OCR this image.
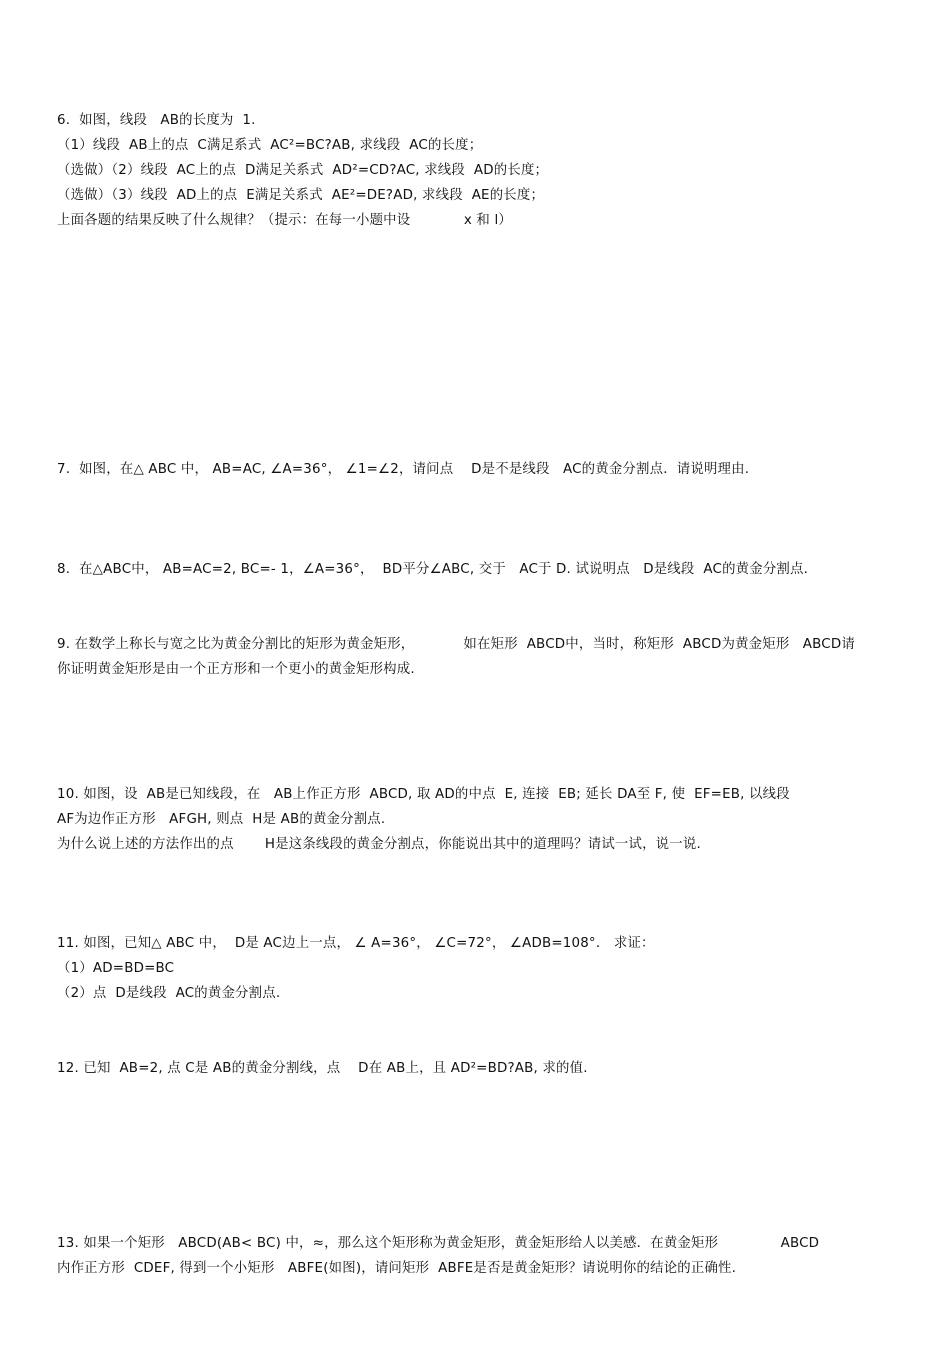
6.  如图，线段   AB的长度为  1.
（1）线段  AB上的点  C满足系式  AC²=BC?AB, 求线段  AC的长度；
（选做）（2）线段  AC上的点  D满足关系式  AD²=CD?AC, 求线段  AD的长度；
（选做）（3）线段  AD上的点  E满足关系式  AE²=DE?AD, 求线段  AE的长度；
上面各题的结果反映了什么规律？（提示：在每一小题中设            x 和 l）
7.  如图，在△ ABC 中， AB=AC, ∠A=36°， ∠1=∠2，请问点    D是不是线段   AC的黄金分割点．请说明理由.
8.  在△ABC中， AB=AC=2, BC=- 1，∠A=36°，  BD平分∠ABC, 交于   AC于 D. 试说明点   D是线段  AC的黄金分割点.
9. 在数学上称长与宽之比为黄金分割比的矩形为黄金矩形，           如在矩形  ABCD中，当时，称矩形  ABCD为黄金矩形   ABCD请
你证明黄金矩形是由一个正方形和一个更小的黄金矩形构成.
10. 如图，设  AB是已知线段，在   AB上作正方形  ABCD, 取 AD的中点  E, 连接  EB; 延长 DA至 F, 使  EF=EB, 以线段
AF为边作正方形   AFGH, 则点  H是 AB的黄金分割点.
为什么说上述的方法作出的点       H是这条线段的黄金分割点，你能说出其中的道理吗？请试一试，说一说.
11. 如图，已知△ ABC 中，  D是 AC边上一点， ∠ A=36°， ∠C=72°， ∠ADB=108°． 求证：
（1）AD=BD=BC
（2）点  D是线段  AC的黄金分割点.
12. 已知  AB=2, 点 C是 AB的黄金分割线，点    D在 AB上，且 AD²=BD?AB, 求的值.
13. 如果一个矩形   ABCD(AB< BC) 中，≈，那么这个矩形称为黄金矩形，黄金矩形给人以美感．在黄金矩形              ABCD
内作正方形  CDEF, 得到一个小矩形   ABFE(如图)，请问矩形  ABFE是否是黄金矩形？请说明你的结论的正确性.
